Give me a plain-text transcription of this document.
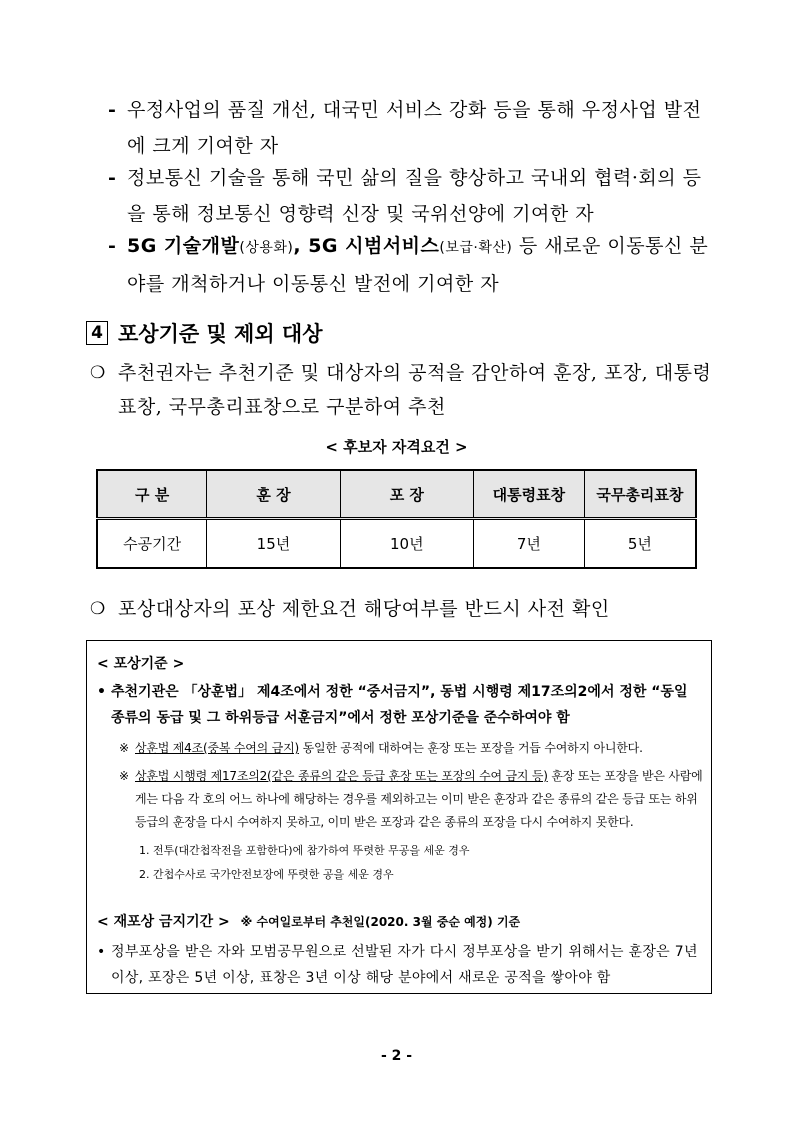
- 우정사업의 품질 개선, 대국민 서비스 강화 등을 통해 우정사업 발전에 크게 기여한 자
- 정보통신 기술을 통해 국민 삶의 질을 향상하고 국내외 협력·회의 등을 통해 정보통신 영향력 신장 및 국위선양에 기여한 자
- 5G 기술개발(상용화), 5G 시범서비스(보급·확산) 등 새로운 이동통신 분야를 개척하거나 이동통신 발전에 기여한 자
4 포상기준 및 제외 대상
❍ 추천권자는 추천기준 및 대상자의 공적을 감안하여 훈장, 포장, 대통령표창, 국무총리표창으로 구분하여 추천
< 후보자 자격요건 >
구 분	훈 장	포 장	대통령표창	국무총리표창
수공기간	15년	10년	7년	5년
❍ 포상대상자의 포상 제한요건 해당여부를 반드시 사전 확인
< 포상기준 >
• 추천기관은 「상훈법」 제4조에서 정한 “중서금지”, 동법 시행령 제17조의2에서 정한 “동일 종류의 동급 및 그 하위등급 서훈금지”에서 정한 포상기준을 준수하여야 함
※ 상훈법 제4조(중복 수여의 금지) 동일한 공적에 대하여는 훈장 또는 포장을 거듭 수여하지 아니한다.
※ 상훈법 시행령 제17조의2(같은 종류의 같은 등급 훈장 또는 포장의 수여 금지 등) 훈장 또는 포장을 받은 사람에게는 다음 각 호의 어느 하나에 해당하는 경우를 제외하고는 이미 받은 훈장과 같은 종류의 같은 등급 또는 하위 등급의 훈장을 다시 수여하지 못하고, 이미 받은 포장과 같은 종류의 포장을 다시 수여하지 못한다.
1. 전투(대간첩작전을 포함한다)에 참가하여 뚜렷한 무공을 세운 경우
2. 간첩수사로 국가안전보장에 뚜렷한 공을 세운 경우
< 재포상 금지기간 > ※ 수여일로부터 추천일(2020. 3월 중순 예정) 기준
• 정부포상을 받은 자와 모범공무원으로 선발된 자가 다시 정부포상을 받기 위해서는 훈장은 7년 이상, 포장은 5년 이상, 표창은 3년 이상 해당 분야에서 새로운 공적을 쌓아야 함
- 2 -
